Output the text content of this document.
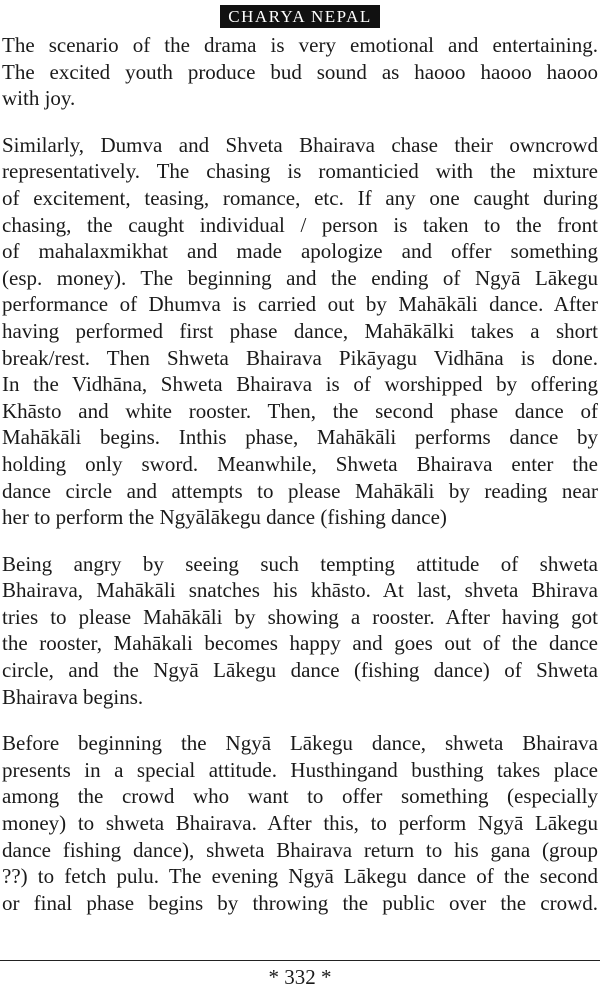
CHARYA NEPAL
The scenario of the drama is very emotional and entertaining.
The excited youth produce bud sound as haooo haooo haooo
with joy.
Similarly, Dumva and Shveta Bhairava chase their owncrowd
representatively. The chasing is romanticied with the mixture
of excitement, teasing, romance, etc. If any one caught during
chasing, the caught individual / person is taken to the front
of mahalaxmikhat and made apologize and offer something
(esp. money). The beginning and the ending of Ngyā Lākegu
performance of Dhumva is carried out by Mahākāli dance. After
having performed first phase dance, Mahākālki takes a short
break/rest. Then Shweta Bhairava Pikāyagu Vidhāna is done.
In the Vidhāna, Shweta Bhairava is of worshipped by offering
Khāsto and white rooster. Then, the second phase dance of
Mahākāli begins. Inthis phase, Mahākāli performs dance by
holding only sword. Meanwhile, Shweta Bhairava enter the
dance circle and attempts to please Mahākāli by reading near
her to perform the Ngyālākegu dance (fishing dance)
Being angry by seeing such tempting attitude of shweta
Bhairava, Mahākāli snatches his khāsto. At last, shveta Bhirava
tries to please Mahākāli by showing a rooster. After having got
the rooster, Mahākali becomes happy and goes out of the dance
circle, and the Ngyā Lākegu dance (fishing dance) of Shweta
Bhairava begins.
Before beginning the Ngyā Lākegu dance, shweta Bhairava
presents in a special attitude. Husthingand busthing takes place
among the crowd who want to offer something (especially
money) to shweta Bhairava. After this, to perform Ngyā Lākegu
dance fishing dance), shweta Bhairava return to his gana (group
??) to fetch pulu. The evening Ngyā Lākegu dance of the second
or final phase begins by throwing the public over the crowd.
* 332 *
